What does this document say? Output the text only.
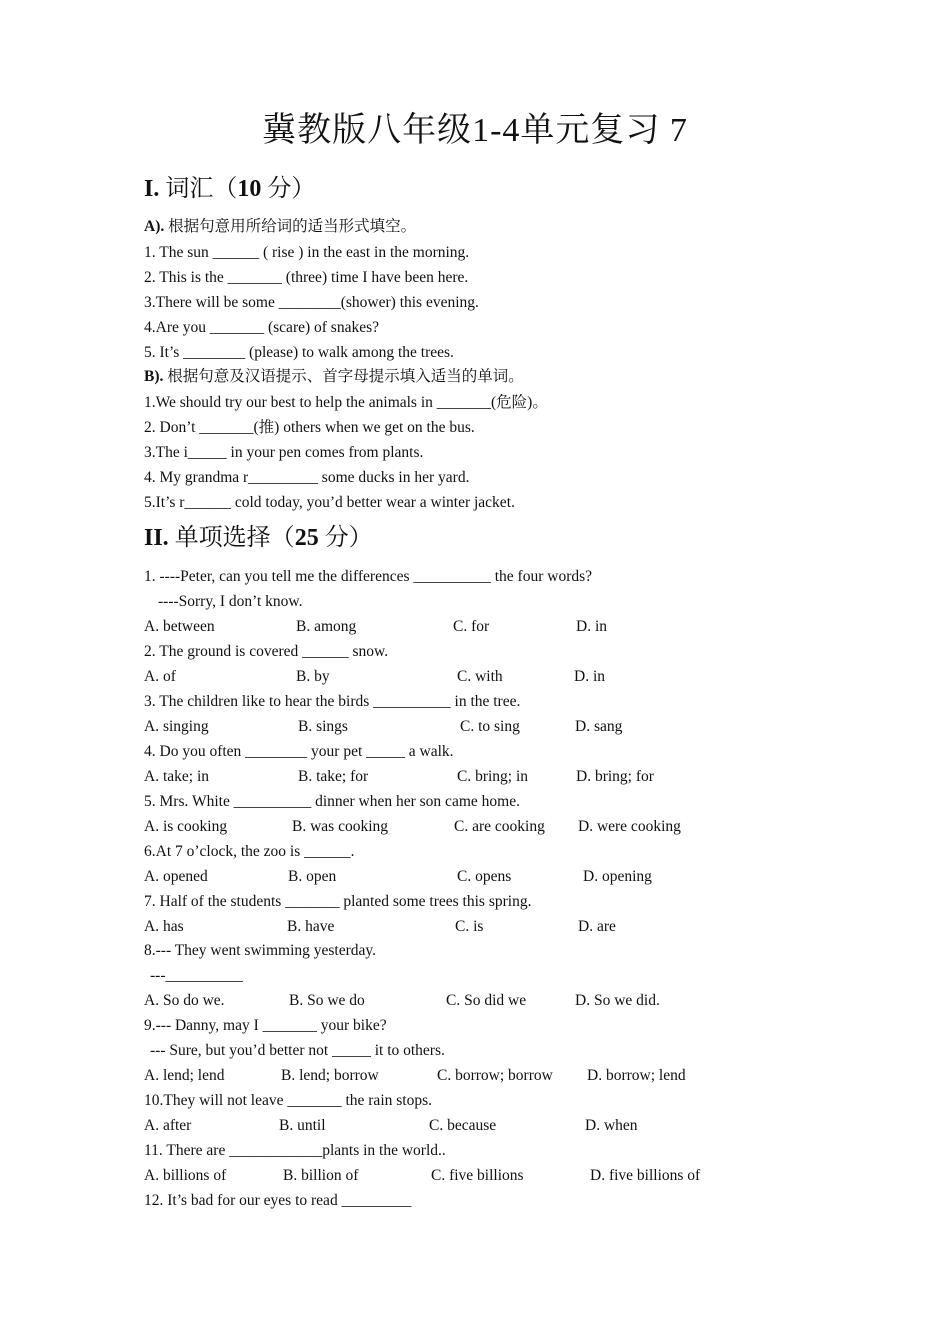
冀教版八年级1-4单元复习 7
I. 词汇（10 分）
A). 根据句意用所给词的适当形式填空。
1. The sun ______ ( rise ) in the east in the morning.
2. This is the _______ (three) time I have been here.
3.There will be some ________(shower) this evening.
4.Are you _______ (scare) of snakes?
5. It’s ________ (please) to walk among the trees.
B). 根据句意及汉语提示、首字母提示填入适当的单词。
1.We should try our best to help the animals in _______(危险)。
2. Don’t _______(推) others when we get on the bus.
3.The i_____ in your pen comes from plants.
4. My grandma r_________ some ducks in her yard.
5.It’s r______ cold today, you’d better wear a winter jacket.
II. 单项选择（25 分）
1. ----Peter, can you tell me the differences __________ the four words?
----Sorry, I don’t know.
A. between	B. among	C. for	D. in
2. The ground is covered ______ snow.
A. of	B. by	C. with	D. in
3. The children like to hear the birds __________ in the tree.
A. singing	B. sings	C. to sing	D. sang
4. Do you often ________ your pet _____ a walk.
A. take; in	B. take; for	C. bring; in	D. bring; for
5. Mrs. White __________ dinner when her son came home.
A. is cooking	B. was cooking	C. are cooking D. were cooking
6.At 7 o’clock, the zoo is ______.
A. opened	B. open	C. opens	D. opening
7. Half of the students _______ planted some trees this spring.
A. has	B. have	C. is	D. are
8.--- They went swimming yesterday.
---__________
A. So do we.	B. So we do	C. So did we	D. So we did.
9.--- Danny, may I _______ your bike?
--- Sure, but you’d better not _____ it to others.
A. lend; lend	B. lend; borrow	C. borrow; borrow D. borrow; lend
10.They will not leave _______ the rain stops.
A. after	B. until	C. because	D. when
11. There are ____________plants in the world..
A. billions of	B. billion of	C. five billions	D. five billions of
12. It’s bad for our eyes to read _________
